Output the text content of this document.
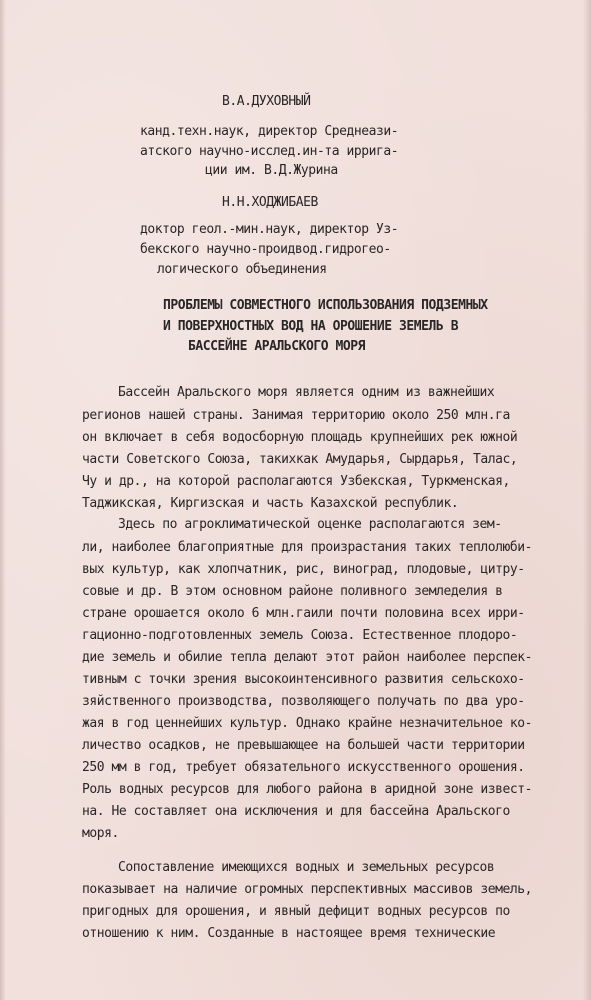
В.А.ДУХОВНЫЙ
канд.техн.наук, директор Среднеази-
атского научно-исслед.ин-та ирригa-
ции им. В.Д.Журина
Н.Н.ХОДЖИБАЕВ
доктор геол.-мин.наук, директор Уз-
бекского научно-проидвод.гидрогео-
логического объединения
ПРОБЛЕМЫ СОВМЕСТНОГО ИСПОЛЬЗОВАНИЯ ПОДЗЕМНЫХ
И ПОВЕРХНОСТНЫХ ВОД НА ОРОШЕНИЕ ЗЕМЕЛЬ В
БАССЕЙНЕ АРАЛЬСКОГО МОРЯ
Бассейн Аральского моря является одним из важнейших
регионов нашей страны. Занимая территорию около 250 млн.га
он включает в себя водосборную площадь крупнейших рек южной
части Советского Союза, такихкак Амударья, Сырдарья, Талас,
Чу и др., на которой располагаются Узбекская, Туркменская,
Таджикская, Киргизская и часть Казахской республик.
Здесь по агроклиматической оценке располагаются зем-
ли, наиболее благоприятные для произрастания таких теплолюби-
вых культур, как хлопчатник, рис, виноград, плодовые, цитру-
совые и др. В этом основном районе поливного земледелия в
стране орошается около 6 млн.гаили почти половина всех ирри-
гационно-подготовленных земель Союза. Естественное плодоро-
дие земель и обилие тепла делают этот район наиболее перспек-
тивным с точки зрения высокоинтенсивного развития сельскохо-
зяйственного производства, позволяющего получать по два уро-
жая в год ценнейших культур. Однако крайне незначительное ко-
личество осадков, не превышающее на большей части территории
250 мм в год, требует обязательного искусственного орошения.
Роль водных ресурсов для любого района в аридной зоне извест-
на. Не составляет она исключения и для бассейна Аральского
моря.
Сопоставление имеющихся водных и земельных ресурсов
показывает на наличие огромных перспективных массивов земель,
пригодных для орошения, и явный дефицит водных ресурсов по
отношению к ним. Созданные в настоящее время технические
